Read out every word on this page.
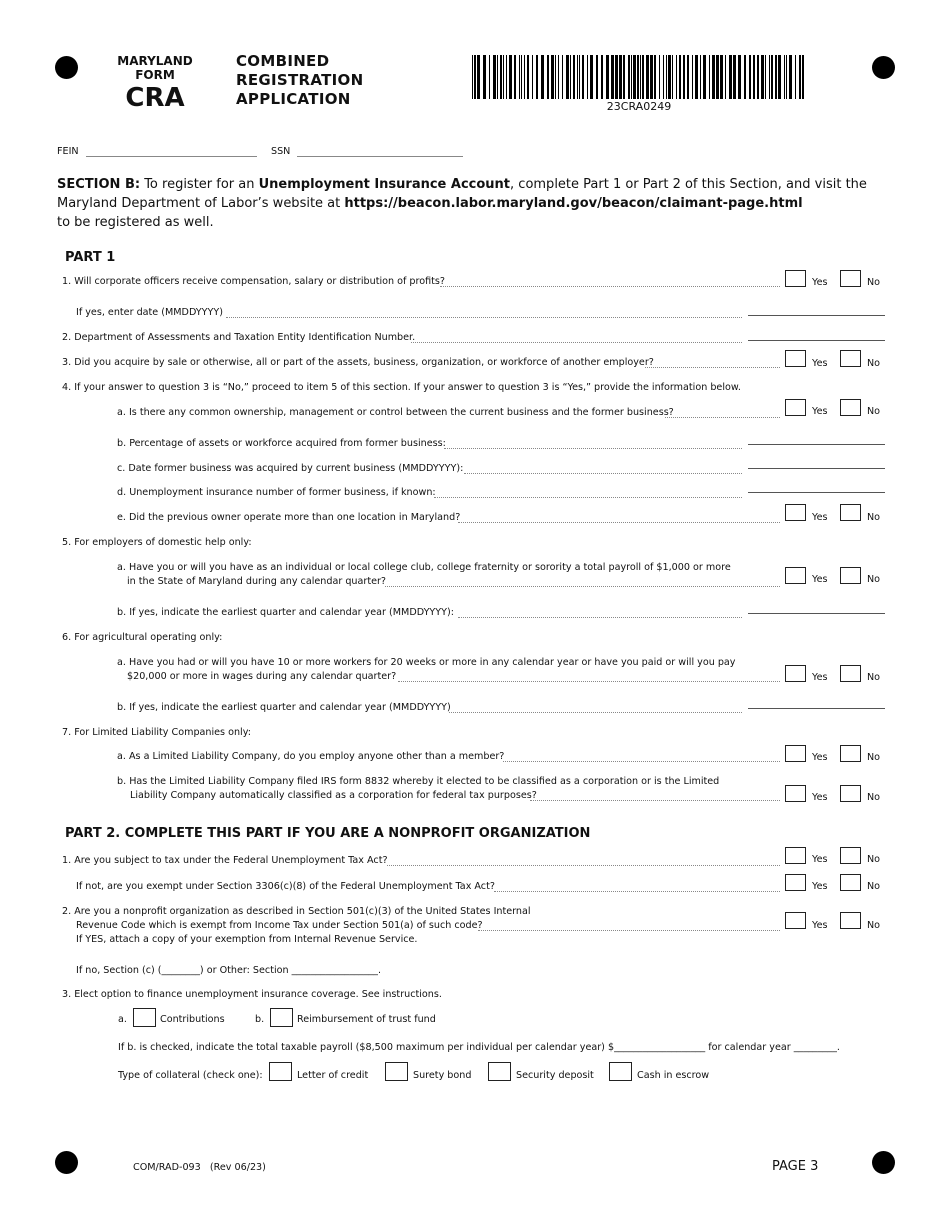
MARYLAND
FORM
CRA
COMBINED
REGISTRATION
APPLICATION	23CRA0249
FEIN	SSN
SECTION B: To register for an Unemployment Insurance Account, complete Part 1 or Part 2 of this Section, and visit the Maryland Department of Labor’s website at https://beacon.labor.maryland.gov/beacon/claimant-page.html
to be registered as well.
PART 1
1. Will corporate officers receive compensation, salary or distribution of profits?	Yes	No
If yes, enter date (MMDDYYYY)
2. Department of Assessments and Taxation Entity Identification Number.
3. Did you acquire by sale or otherwise, all or part of the assets, business, organization, or workforce of another employer?	Yes	No
4. If your answer to question 3 is “No,” proceed to item 5 of this section. If your answer to question 3 is “Yes,” provide the information below.
a. Is there any common ownership, management or control between the current business and the former business?	Yes	No
b. Percentage of assets or workforce acquired from former business:
c. Date former business was acquired by current business (MMDDYYYY):
d. Unemployment insurance number of former business, if known:
e. Did the previous owner operate more than one location in Maryland?	Yes	No
5. For employers of domestic help only:
a. Have you or will you have as an individual or local college club, college fraternity or sorority a total payroll of $1,000 or more
in the State of Maryland during any calendar quarter?	Yes	No
b. If yes, indicate the earliest quarter and calendar year (MMDDYYYY):
6. For agricultural operating only:
a. Have you had or will you have 10 or more workers for 20 weeks or more in any calendar year or have you paid or will you pay
$20,000 or more in wages during any calendar quarter?	Yes	No
b. If yes, indicate the earliest quarter and calendar year (MMDDYYYY)
7. For Limited Liability Companies only:
a. As a Limited Liability Company, do you employ anyone other than a member?	Yes	No
b. Has the Limited Liability Company filed IRS form 8832 whereby it elected to be classified as a corporation or is the Limited
Liability Company automatically classified as a corporation for federal tax purposes?	Yes	No
PART 2. COMPLETE THIS PART IF YOU ARE A NONPROFIT ORGANIZATION
1. Are you subject to tax under the Federal Unemployment Tax Act?	Yes	No
If not, are you exempt under Section 3306(c)(8) of the Federal Unemployment Tax Act?	Yes	No
2. Are you a nonprofit organization as described in Section 501(c)(3) of the United States Internal
Revenue Code which is exempt from Income Tax under Section 501(a) of such code?
If YES, attach a copy of your exemption from Internal Revenue Service.
Yes	No
If no, Section (c) (________) or Other: Section __________________.
3. Elect option to finance unemployment insurance coverage. See instructions.
a.	Contributions	b.	Reimbursement of trust fund
If b. is checked, indicate the total taxable payroll ($8,500 maximum per individual per calendar year) $___________________ for calendar year _________.
Type of collateral (check one):	Letter of credit	Surety bond	Security deposit	Cash in escrow
COM/RAD-093   (Rev 06/23)	PAGE 3
